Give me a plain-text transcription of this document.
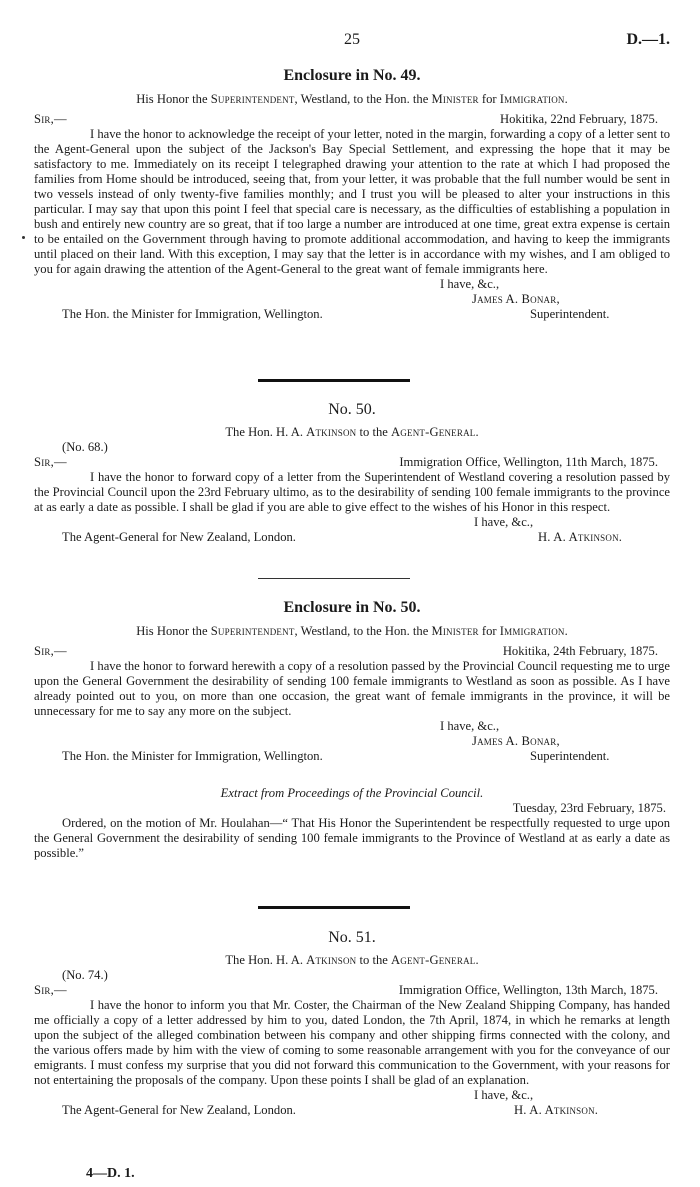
25	D.—1.
Enclosure in No. 49.
His Honor the Superintendent, Westland, to the Hon. the Minister for Immigration.
Sir,—	Hokitika, 22nd February, 1875.

I have the honor to acknowledge the receipt of your letter, noted in the margin, forwarding a copy of a letter sent to the Agent-General upon the subject of the Jackson's Bay Special Settlement, and expressing the hope that it may be satisfactory to me. Immediately on its receipt I telegraphed drawing your attention to the rate at which I had proposed the families from Home should be introduced, seeing that, from your letter, it was probable that the full number would be sent in two vessels instead of only twenty-five families monthly; and I trust you will be pleased to alter your instructions in this particular. I may say that upon this point I feel that special care is necessary, as the difficulties of establishing a population in bush and entirely new country are so great, that if too large a number are introduced at one time, great extra expense is certain to be entailed on the Government through having to promote additional accommodation, and having to keep the immigrants until placed on their land. With this exception, I may say that the letter is in accordance with my wishes, and I am obliged to you for again drawing the attention of the Agent-General to the great want of female immigrants here.

I have, &c.,
James A. Bonar,
The Hon. the Minister for Immigration, Wellington.	Superintendent.
No. 50.
The Hon. H. A. Atkinson to the Agent-General.
(No. 68.)
Sir,—	Immigration Office, Wellington, 11th March, 1875.

I have the honor to forward copy of a letter from the Superintendent of Westland covering a resolution passed by the Provincial Council upon the 23rd February ultimo, as to the desirability of sending 100 female immigrants to the province at as early a date as possible. I shall be glad if you are able to give effect to the wishes of his Honor in this respect.

I have, &c.,
The Agent-General for New Zealand, London.	H. A. Atkinson.
Enclosure in No. 50.
His Honor the Superintendent, Westland, to the Hon. the Minister for Immigration.
Sir,—	Hokitika, 24th February, 1875.

I have the honor to forward herewith a copy of a resolution passed by the Provincial Council requesting me to urge upon the General Government the desirability of sending 100 female immigrants to Westland as soon as possible. As I have already pointed out to you, on more than one occasion, the great want of female immigrants in the province, it will be unnecessary for me to say any more on the subject.

I have, &c.,
James A. Bonar,
The Hon. the Minister for Immigration, Wellington.	Superintendent.
Extract from Proceedings of the Provincial Council.
Tuesday, 23rd February, 1875.

Ordered, on the motion of Mr. Houlahan—“ That His Honor the Superintendent be respectfully requested to urge upon the General Government the desirability of sending 100 female immigrants to the Province of Westland at as early a date as possible.”

No. 51.
The Hon. H. A. Atkinson to the Agent-General.
(No. 74.)
Sir,—	Immigration Office, Wellington, 13th March, 1875.

I have the honor to inform you that Mr. Coster, the Chairman of the New Zealand Shipping Company, has handed me officially a copy of a letter addressed by him to you, dated London, the 7th April, 1874, in which he remarks at length upon the subject of the alleged combination between his company and other shipping firms connected with the colony, and the various offers made by him with the view of coming to some reasonable arrangement with you for the conveyance of our emigrants. I must confess my surprise that you did not forward this communication to the Government, with your reasons for not entertaining the proposals of the company. Upon these points I shall be glad of an explanation.

I have, &c.,
The Agent-General for New Zealand, London.	H. A. Atkinson.
4—D. 1.
